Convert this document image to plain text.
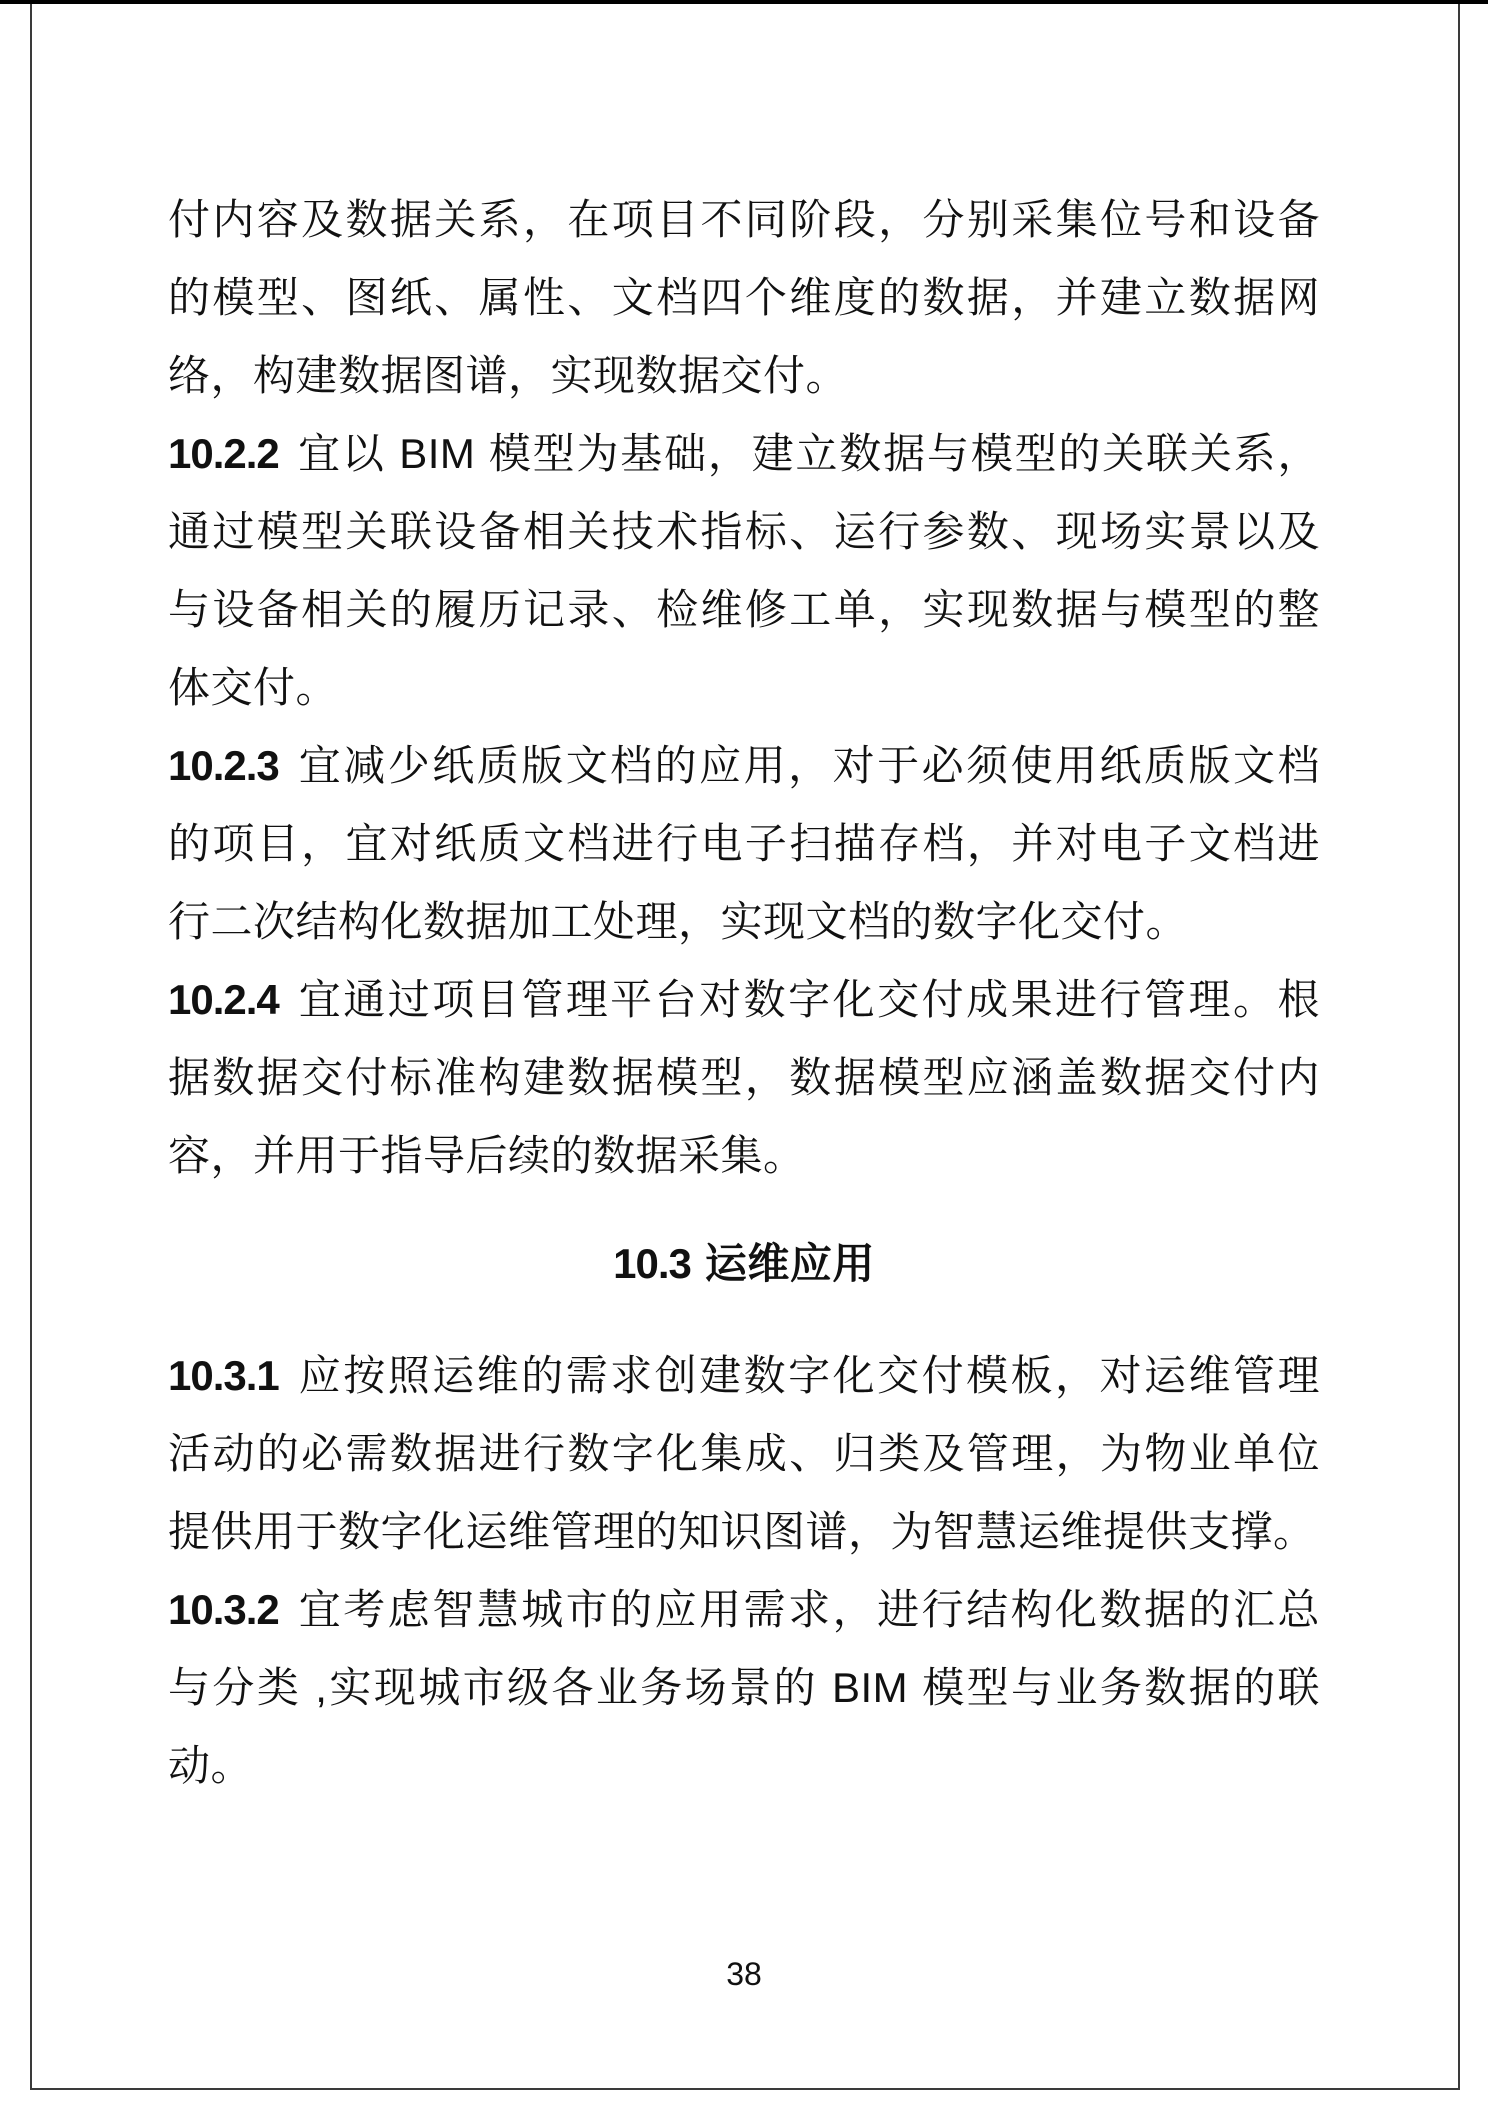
付内容及数据关系，在项目不同阶段，分别采集位号和设备
的模型、图纸、属性、文档四个维度的数据，并建立数据网
络，构建数据图谱，实现数据交付。
10.2.2 宜以 BIM 模型为基础，建立数据与模型的关联关系，
通过模型关联设备相关技术指标、运行参数、现场实景以及
与设备相关的履历记录、检维修工单，实现数据与模型的整
体交付。
10.2.3 宜减少纸质版文档的应用，对于必须使用纸质版文档
的项目，宜对纸质文档进行电子扫描存档，并对电子文档进
行二次结构化数据加工处理，实现文档的数字化交付。
10.2.4 宜通过项目管理平台对数字化交付成果进行管理。根
据数据交付标准构建数据模型，数据模型应涵盖数据交付内
容，并用于指导后续的数据采集。
10.3 运维应用
10.3.1 应按照运维的需求创建数字化交付模板，对运维管理
活动的必需数据进行数字化集成、归类及管理，为物业单位
提供用于数字化运维管理的知识图谱，为智慧运维提供支撑。
10.3.2 宜考虑智慧城市的应用需求，进行结构化数据的汇总
与分类 ,实现城市级各业务场景的 BIM 模型与业务数据的联
动。
38
